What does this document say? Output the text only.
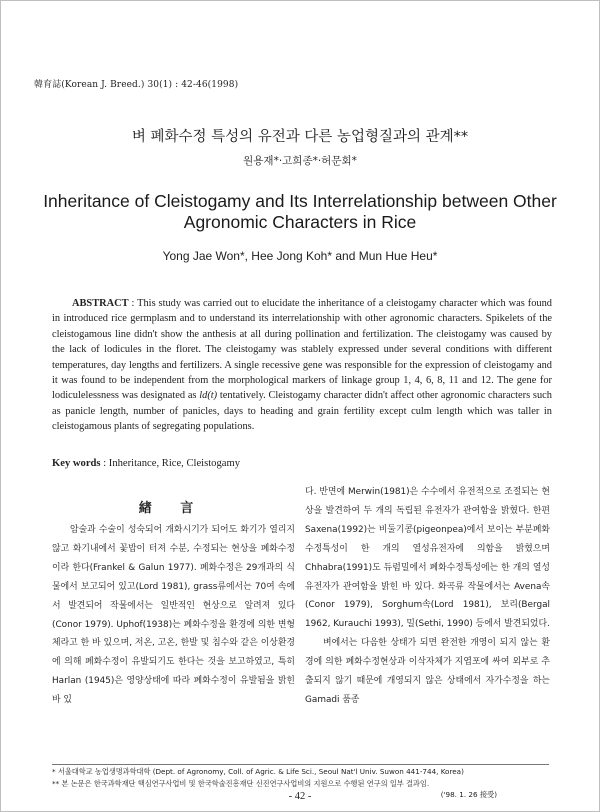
韓育誌(Korean J. Breed.) 30(1) : 42-46(1998)
벼 폐화수정 특성의 유전과 다른 농업형질과의 관계**
원용재*·고희종*·허문회*
Inheritance of Cleistogamy and Its Interrelationship between Other Agronomic Characters in Rice
Yong Jae Won*, Hee Jong Koh* and Mun Hue Heu*
ABSTRACT : This study was carried out to elucidate the inheritance of a cleistogamy character which was found in introduced rice germplasm and to understand its interrelationship with other agronomic characters. Spikelets of the cleistogamous line didn't show the anthesis at all during pollination and fertilization. The cleistogamy was caused by the lack of lodicules in the floret. The cleistogamy was stablely expressed under several conditions with different temperatures, day lengths and fertilizers. A single recessive gene was responsible for the expression of cleistogamy and it was found to be independent from the morphological markers of linkage group 1, 4, 6, 8, 11 and 12. The gene for lodiculelessness was designated as ld(t) tentatively. Cleistogamy character didn't affect other agronomic characters such as panicle length, number of panicles, days to heading and grain fertility except culm length which was taller in cleistogamous plants of segregating populations.
Key words : Inheritance, Rice, Cleistogamy
緖 言

암술과 수술이 성숙되어 개화시기가 되어도 화기가 열리지 않고 화기내에서 꽃밥이 터져 수분, 수정되는 현상을 폐화수정이라 한다(Frankel & Galun 1977). 폐화수정은 29개과의 식물에서 보고되어 있고(Lord 1981), grass류에서는 70여 속에서 발견되어 작물에서는 일반적인 현상으로 알려져 있다(Conor 1979). Uphof(1938)는 폐화수정을 환경에 의한 변형체라고 한 바 있으며, 저온, 고온, 한발 및 침수와 같은 이상환경에 의해 폐화수정이 유발되기도 한다는 것을 보고하였고, 특히 Harlan (1945)은 영양상태에 따라 폐화수정이 유발됨을 밝힌 바 있

다. 반면에 Merwin(1981)은 수수에서 유전적으로 조절되는 현상을 발견하여 두 개의 독립된 유전자가 관여함을 밝혔다. 한편 Saxena(1992)는 비둘기콩(pigeonpea)에서 보이는 부분폐화수정특성이 한 개의 열성유전자에 의함을 밝혔으며 Chhabra(1991)도 듀럼밀에서 폐화수정특성에는 한 개의 열성유전자가 관여함을 밝힌 바 있다. 화곡류 작물에서는 Avena속(Conor 1979), Sorghum속(Lord 1981), 보리(Bergal 1962, Kurauchi 1993), 밀(Sethi, 1990) 등에서 발견되었다.

벼에서는 다음한 상태가 되면 완전한 개영이 되지 않는 환경에 의한 폐화수정현상과 이삭자체가 지엽포에 싸여 외부로 추출되지 않기 때문에 개영되지 않은 상태에서 자가수정을 하는 Gamadi 품종

* 서울대학교 농업생명과학대학 (Dept. of Agronomy, Coll. of Agric. & Life Sci., Seoul Nat'l Univ. Suwon 441-744, Korea)
** 본 논문은 한국과학재단 핵심연구사업비 및 한국학술진흥재단 신진연구사업비의 지원으로 수행된 연구의 일부 결과임.
('98. 1. 26 接受)
- 42 -
